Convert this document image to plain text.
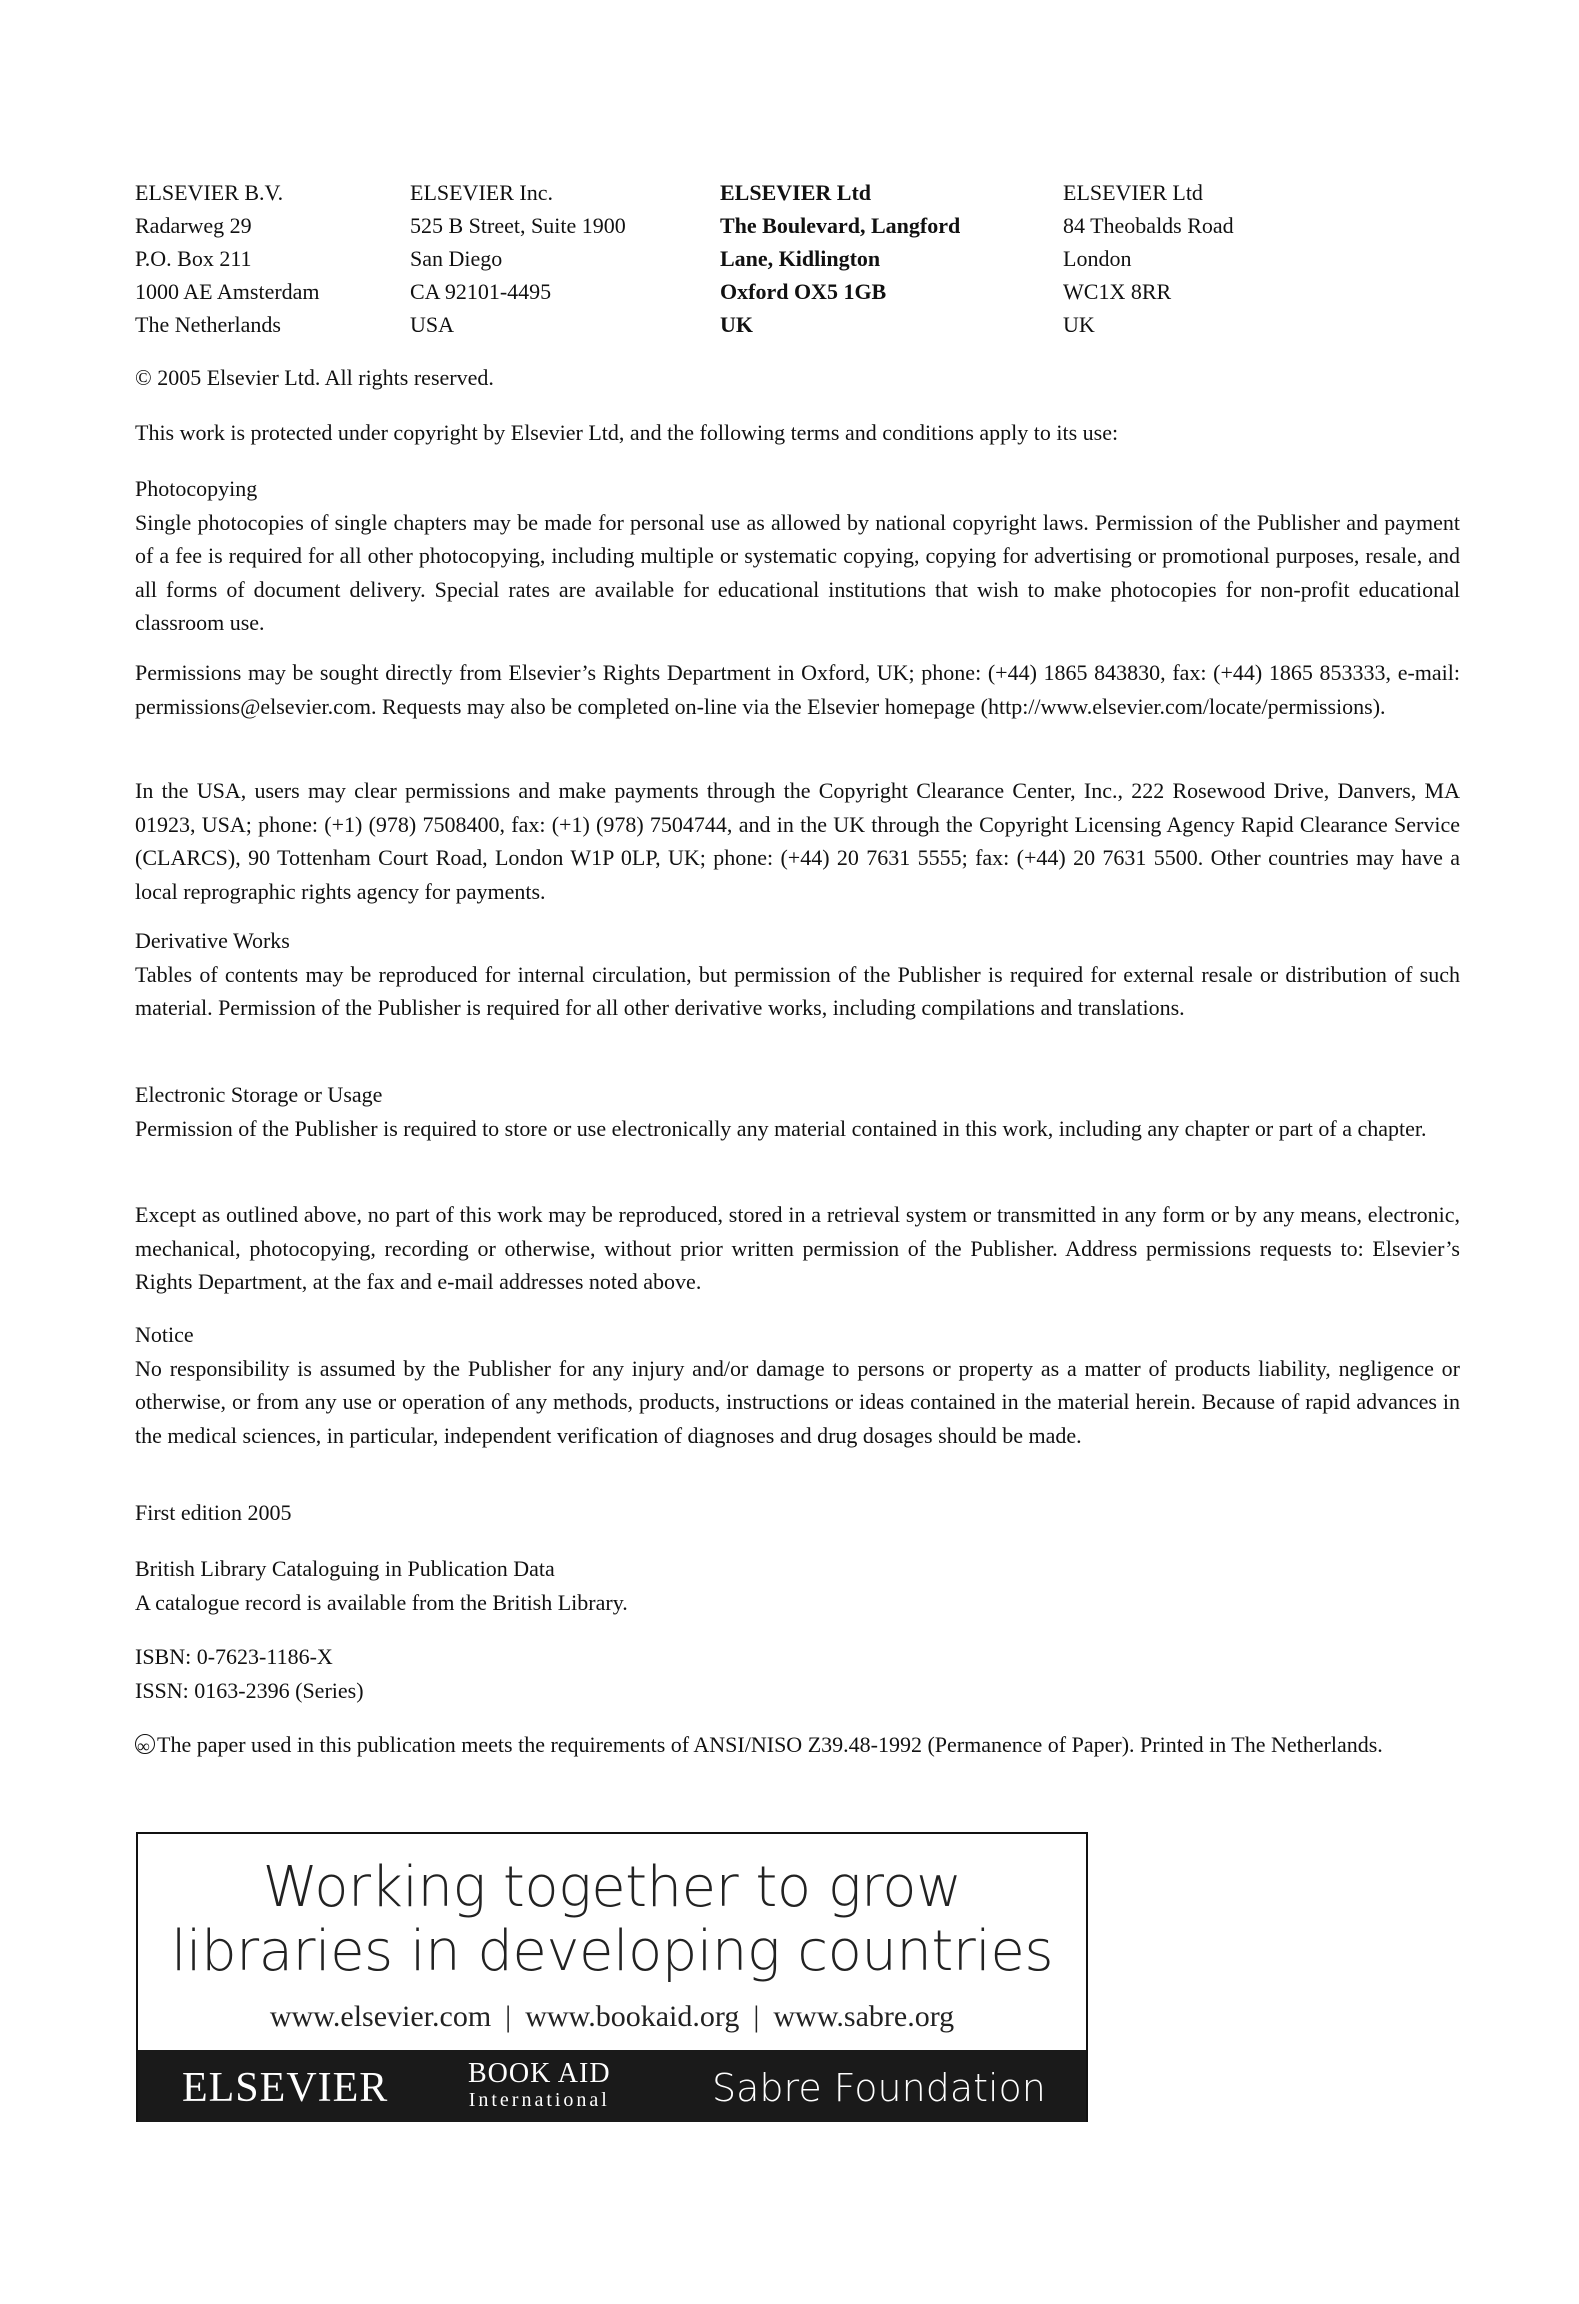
ELSEVIER B.V.
Radarweg 29
P.O. Box 211
1000 AE Amsterdam
The Netherlands
ELSEVIER Inc.
525 B Street, Suite 1900
San Diego
CA 92101-4495
USA
ELSEVIER Ltd
The Boulevard, Langford
Lane, Kidlington
Oxford OX5 1GB
UK
ELSEVIER Ltd
84 Theobalds Road
London
WC1X 8RR
UK
© 2005 Elsevier Ltd. All rights reserved.
This work is protected under copyright by Elsevier Ltd, and the following terms and conditions apply to its use:
Photocopying
Single photocopies of single chapters may be made for personal use as allowed by national copyright laws. Permission of the Publisher and payment of a fee is required for all other photocopying, including multiple or systematic copying, copying for advertising or promotional purposes, resale, and all forms of document delivery. Special rates are available for educational institutions that wish to make photocopies for non-profit educational classroom use.
Permissions may be sought directly from Elsevier’s Rights Department in Oxford, UK; phone: (+44) 1865 843830, fax: (+44) 1865 853333, e-mail: permissions@elsevier.com. Requests may also be completed on-line via the Elsevier homepage (http://www.elsevier.com/locate/permissions).
In the USA, users may clear permissions and make payments through the Copyright Clearance Center, Inc., 222 Rosewood Drive, Danvers, MA 01923, USA; phone: (+1) (978) 7508400, fax: (+1) (978) 7504744, and in the UK through the Copyright Licensing Agency Rapid Clearance Service (CLARCS), 90 Tottenham Court Road, London W1P 0LP, UK; phone: (+44) 20 7631 5555; fax: (+44) 20 7631 5500. Other countries may have a local reprographic rights agency for payments.
Derivative Works
Tables of contents may be reproduced for internal circulation, but permission of the Publisher is required for external resale or distribution of such material. Permission of the Publisher is required for all other derivative works, including compilations and translations.
Electronic Storage or Usage
Permission of the Publisher is required to store or use electronically any material contained in this work, including any chapter or part of a chapter.
Except as outlined above, no part of this work may be reproduced, stored in a retrieval system or transmitted in any form or by any means, electronic, mechanical, photocopying, recording or otherwise, without prior written permission of the Publisher. Address permissions requests to: Elsevier’s Rights Department, at the fax and e-mail addresses noted above.
Notice
No responsibility is assumed by the Publisher for any injury and/or damage to persons or property as a matter of products liability, negligence or otherwise, or from any use or operation of any methods, products, instructions or ideas contained in the material herein. Because of rapid advances in the medical sciences, in particular, independent verification of diagnoses and drug dosages should be made.
First edition 2005
British Library Cataloguing in Publication Data
A catalogue record is available from the British Library.
ISBN: 0-7623-1186-X
ISSN: 0163-2396 (Series)
∞The paper used in this publication meets the requirements of ANSI/NISO Z39.48-1992 (Permanence of Paper). Printed in The Netherlands.
Working together to grow
libraries in developing countries
www.elsevier.com | www.bookaid.org | www.sabre.org
ELSEVIER	BOOK AID
International	Sabre Foundation
